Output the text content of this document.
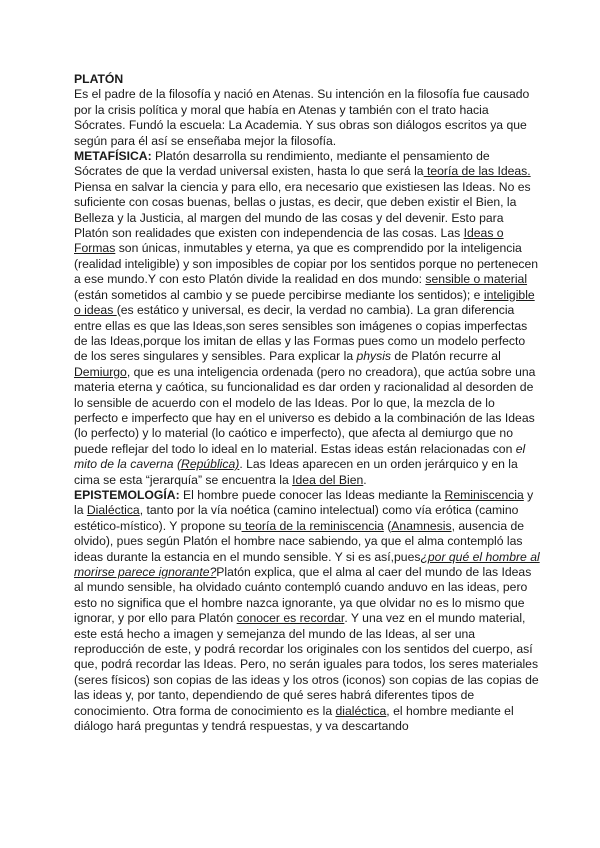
PLATÓN

Es el padre de la filosofía y nació en Atenas. Su intención en la filosofía fue causado por la crisis política y moral que había en Atenas y también con el trato hacia Sócrates. Fundó la escuela: La Academia. Y sus obras son diálogos escritos ya que según para él así se enseñaba mejor la filosofía.

METAFÍSICA: Platón desarrolla su rendimiento, mediante el pensamiento de Sócrates de que la verdad universal existen, hasta lo que será la teoría de las Ideas. Piensa en salvar la ciencia y para ello, era necesario que existiesen las Ideas. No es suficiente con cosas buenas, bellas o justas, es decir, que deben existir el Bien, la Belleza y la Justicia, al margen del mundo de las cosas y del devenir. Esto para Platón son realidades que existen con independencia de las cosas. Las Ideas o Formas son únicas, inmutables y eterna, ya que es comprendido por la inteligencia (realidad inteligible) y son imposibles de copiar por los sentidos porque no pertenecen a ese mundo.Y con esto Platón divide la realidad en dos mundo: sensible o material (están sometidos al cambio y se puede percibirse mediante los sentidos); e inteligible o ideas (es estático y universal, es decir, la verdad no cambia). La gran diferencia entre ellas es que las Ideas,son seres sensibles son imágenes o copias imperfectas de las Ideas,porque los imitan de ellas y las Formas pues como un modelo perfecto de los seres singulares y sensibles. Para explicar la physis de Platón recurre al Demiurgo, que es una inteligencia ordenada (pero no creadora), que actúa sobre una materia eterna y caótica, su funcionalidad es dar orden y racionalidad al desorden de lo sensible de acuerdo con el modelo de las Ideas. Por lo que, la mezcla de lo perfecto e imperfecto que hay en el universo es debido a la combinación de las Ideas (lo perfecto) y lo material (lo caótico e imperfecto), que afecta al demiurgo que no puede reflejar del todo lo ideal en lo material. Estas ideas están relacionadas con el mito de la caverna (República). Las Ideas aparecen en un orden jerárquico y en la cima se esta “jerarquía” se encuentra la Idea del Bien.

EPISTEMOLOGÍA: El hombre puede conocer las Ideas mediante la Reminiscencia y la Dialéctica, tanto por la vía noética (camino intelectual) como vía erótica (camino estético-místico). Y propone su teoría de la reminiscencia (Anamnesis, ausencia de olvido), pues según Platón el hombre nace sabiendo, ya que el alma contempló las ideas durante la estancia en el mundo sensible. Y si es así,pues¿por qué el hombre al morirse parece ignorante?Platón explica, que el alma al caer del mundo de las Ideas al mundo sensible, ha olvidado cuánto contempló cuando anduvo en las ideas, pero esto no significa que el hombre nazca ignorante, ya que olvidar no es lo mismo que ignorar, y por ello para Platón conocer es recordar. Y una vez en el mundo material, este está hecho a imagen y semejanza del mundo de las Ideas, al ser una reproducción de este, y podrá recordar los originales con los sentidos del cuerpo, así que, podrá recordar las Ideas. Pero, no serán iguales para todos, los seres materiales (seres físicos) son copias de las ideas y los otros (iconos) son copias de las copias de las ideas y, por tanto, dependiendo de qué seres habrá diferentes tipos de conocimiento. Otra forma de conocimiento es la dialéctica, el hombre mediante el diálogo hará preguntas y tendrá respuestas, y va descartando
